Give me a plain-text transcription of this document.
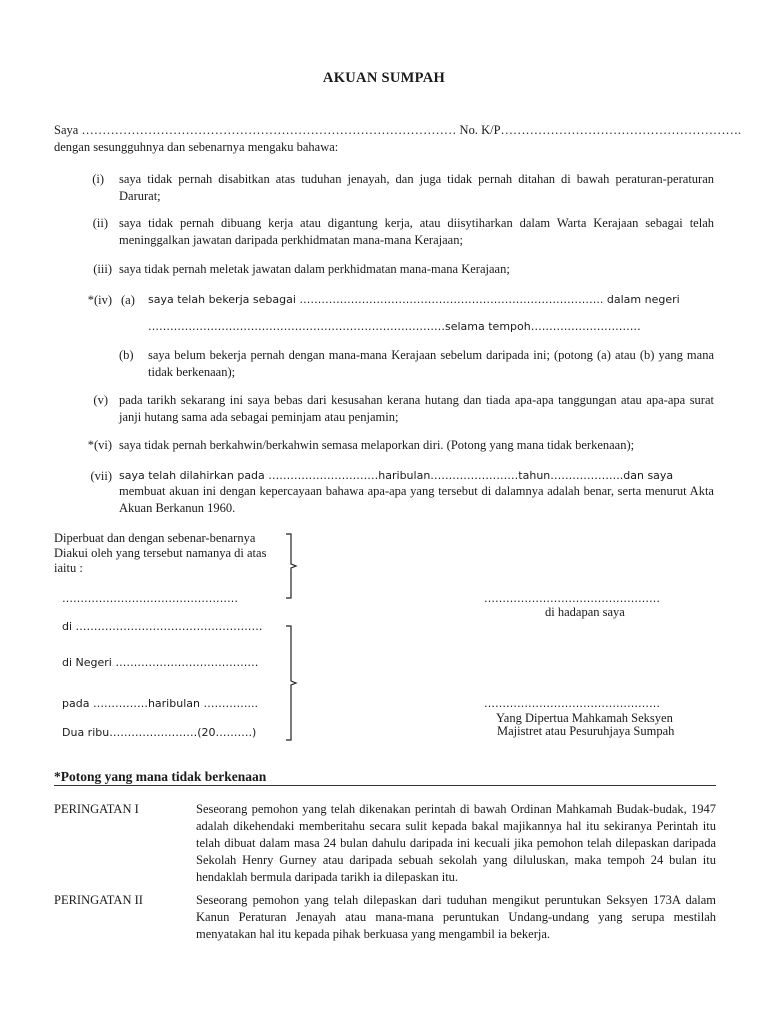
AKUAN SUMPAH
Saya ……………………………………………………………………………… No. K/P………………………………………………….
dengan sesungguhnya dan sebenarnya mengaku bahawa:
(i) saya tidak pernah disabitkan atas tuduhan jenayah, dan juga tidak pernah ditahan di bawah peraturan-peraturan Darurat;
(ii) saya tidak pernah dibuang kerja atau digantung kerja, atau diisytiharkan dalam Warta Kerajaan sebagai telah meninggalkan jawatan daripada perkhidmatan mana-mana Kerajaan;
(iii) saya tidak pernah meletak jawatan dalam perkhidmatan mana-mana Kerajaan;
*(iv) (a) saya telah bekerja sebagai ……………………………………………………………………….. dalam negeri
………………………………………………………………………selama tempoh…………………………
(b) saya belum bekerja pernah dengan mana-mana Kerajaan sebelum daripada ini; (potong (a) atau (b) yang mana tidak berkenaan);
(v) pada tarikh sekarang ini saya bebas dari kesusahan kerana hutang dan tiada apa-apa tanggungan atau apa-apa surat janji hutang sama ada sebagai peminjam atau penjamin;
*(vi) saya tidak pernah berkahwin/berkahwin semasa melaporkan diri. (Potong yang mana tidak berkenaan);
(vii) saya telah dilahirkan pada …………………………haribulan……………………tahun………………..dan saya
membuat akuan ini dengan kepercayaan bahawa apa-apa yang tersebut di dalamnya adalah benar, serta menurut Akta Akuan Berkanun 1960.
Diperbuat dan dengan sebenar-benarnya
Diakui oleh yang tersebut namanya di atas
iaitu :
…………………………………………	…………………………………………
di hadapan saya
di ……………………………………………
di Negeri …………………………………
pada ……………haribulan …………...	…………………………………………
Yang Dipertua Mahkamah Seksyen
Dua ribu……………………(20……….)	Majistret atau Pesuruhjaya Sumpah
*Potong yang mana tidak berkenaan
PERINGATAN I	Seseorang pemohon yang telah dikenakan perintah di bawah Ordinan Mahkamah Budak-budak, 1947 adalah dikehendaki memberitahu secara sulit kepada bakal majikannya hal itu sekiranya Perintah itu telah dibuat dalam masa 24 bulan dahulu daripada ini kecuali jika pemohon telah dilepaskan daripada Sekolah Henry Gurney atau daripada sebuah sekolah yang diluluskan, maka tempoh 24 bulan itu hendaklah bermula daripada tarikh ia dilepaskan itu.
PERINGATAN II	Seseorang pemohon yang telah dilepaskan dari tuduhan mengikut peruntukan Seksyen 173A dalam Kanun Peraturan Jenayah atau mana-mana peruntukan Undang-undang yang serupa mestilah menyatakan hal itu kepada pihak berkuasa yang mengambil ia bekerja.
